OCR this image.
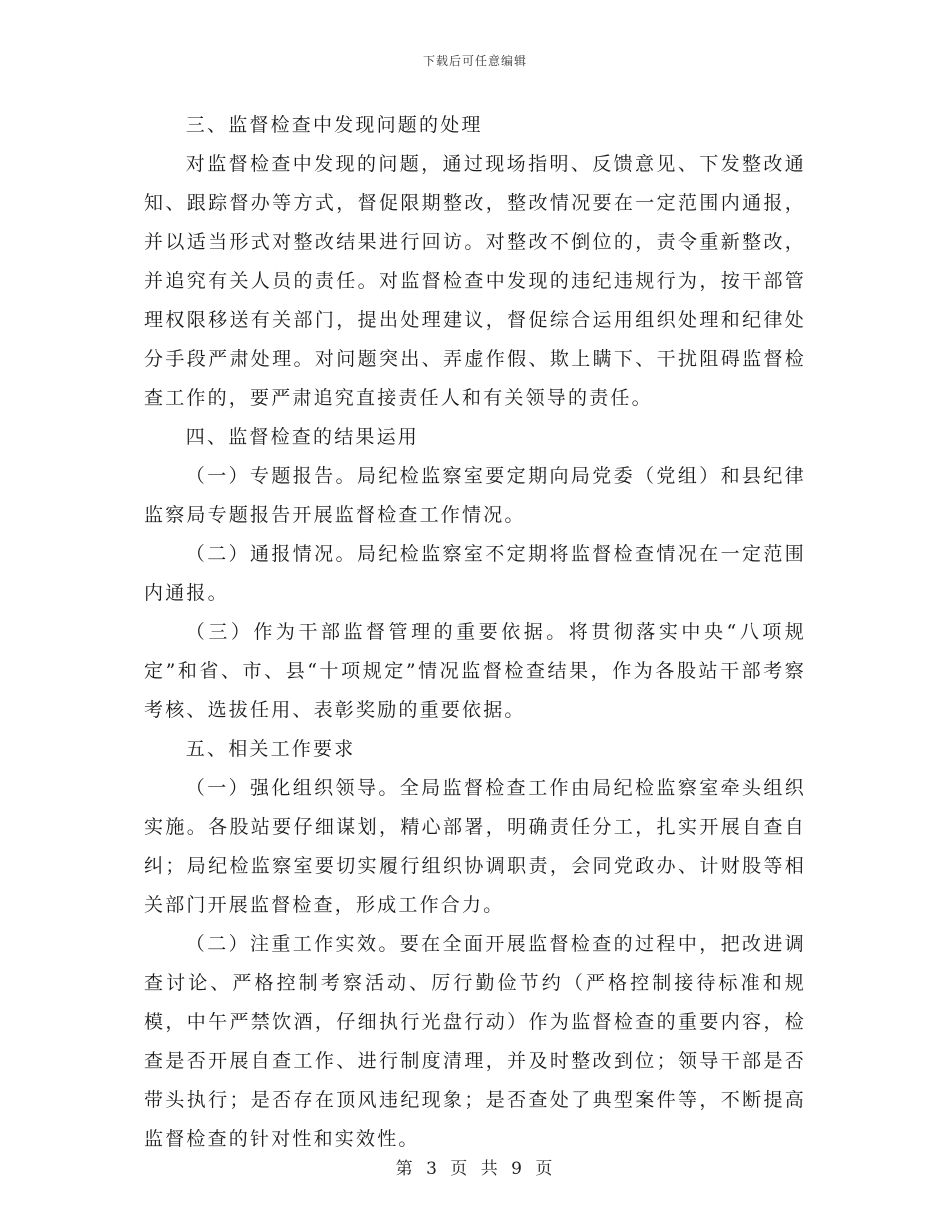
下载后可任意编辑

三、监督检查中发现问题的处理

对监督检查中发现的问题，通过现场指明、反馈意见、下发整改通知、跟踪督办等方式，督促限期整改，整改情况要在一定范围内通报，并以适当形式对整改结果进行回访。对整改不倒位的，责令重新整改，并追究有关人员的责任。对监督检查中发现的违纪违规行为，按干部管理权限移送有关部门，提出处理建议，督促综合运用组织处理和纪律处分手段严肃处理。对问题突出、弄虚作假、欺上瞒下、干扰阻碍监督检查工作的，要严肃追究直接责任人和有关领导的责任。

四、监督检查的结果运用

（一）专题报告。局纪检监察室要定期向局党委（党组）和县纪律监察局专题报告开展监督检查工作情况。

（二）通报情况。局纪检监察室不定期将监督检查情况在一定范围内通报。

（三）作为干部监督管理的重要依据。将贯彻落实中央“八项规定”和省、市、县“十项规定”情况监督检查结果，作为各股站干部考察考核、选拔任用、表彰奖励的重要依据。

五、相关工作要求

（一）强化组织领导。全局监督检查工作由局纪检监察室牵头组织实施。各股站要仔细谋划，精心部署，明确责任分工，扎实开展自查自纠；局纪检监察室要切实履行组织协调职责，会同党政办、计财股等相关部门开展监督检查，形成工作合力。

（二）注重工作实效。要在全面开展监督检查的过程中，把改进调查讨论、严格控制考察活动、厉行勤俭节约（严格控制接待标准和规模，中午严禁饮酒，仔细执行光盘行动）作为监督检查的重要内容，检查是否开展自查工作、进行制度清理，并及时整改到位；领导干部是否带头执行；是否存在顶风违纪现象；是否查处了典型案件等，不断提高监督检查的针对性和实效性。

第 3 页 共 9 页
